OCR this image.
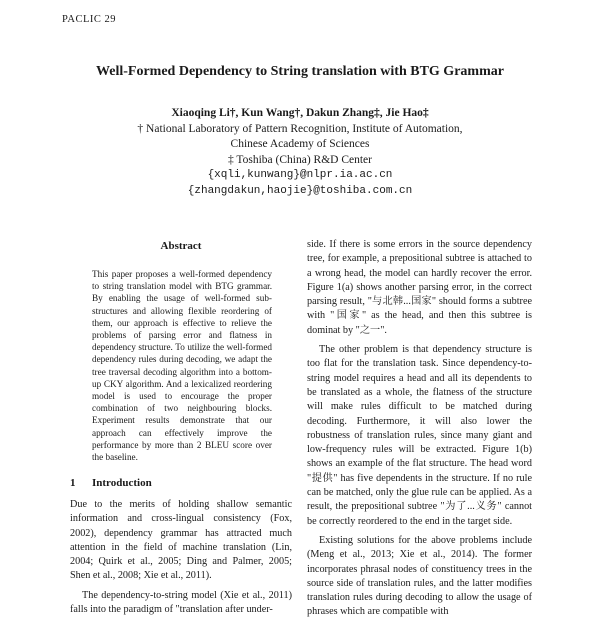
PACLIC 29
Well-Formed Dependency to String translation with BTG Grammar
Xiaoqing Li†, Kun Wang†, Dakun Zhang‡, Jie Hao‡
† National Laboratory of Pattern Recognition, Institute of Automation,
Chinese Academy of Sciences
‡ Toshiba (China) R&D Center
{xqli,kunwang}@nlpr.ia.ac.cn
{zhangdakun,haojie}@toshiba.com.cn
Abstract
This paper proposes a well-formed dependency to string translation model with BTG grammar. By enabling the usage of well-formed sub-structures and allowing flexible reordering of them, our approach is effective to relieve the problems of parsing error and flatness in dependency structure. To utilize the well-formed dependency rules during decoding, we adapt the tree traversal decoding algorithm into a bottom-up CKY algorithm. And a lexicalized reordering model is used to encourage the proper combination of two neighbouring blocks. Experiment results demonstrate that our approach can effectively improve the performance by more than 2 BLEU score over the baseline.
1 Introduction

Due to the merits of holding shallow semantic information and cross-lingual consistency (Fox, 2002), dependency grammar has attracted much attention in the field of machine translation (Lin, 2004; Quirk et al., 2005; Ding and Palmer, 2005; Shen et al., 2008; Xie et al., 2011).

The dependency-to-string model (Xie et al., 2011) falls into the paradigm of "translation after under-

side. If there is some errors in the source dependency tree, for example, a prepositional subtree is attached to a wrong head, the model can hardly recover the error. Figure 1(a) shows another parsing error, in the correct parsing result, "与北韩...国家" should forms a subtree with "国家" as the head, and then this subtree is dominat by "之一".

The other problem is that dependency structure is too flat for the translation task. Since dependency-to-string model requires a head and all its dependents to be translated as a whole, the flatness of the structure will make rules difficult to be matched during decoding. Furthermore, it will also lower the robustness of translation rules, since many giant and low-frequency rules will be extracted. Figure 1(b) shows an example of the flat structure. The head word "提供" has five dependents in the structure. If no rule can be matched, only the glue rule can be applied. As a result, the prepositional subtree "为了...义务" cannot be correctly reordered to the end in the target side.

Existing solutions for the above problems include (Meng et al., 2013; Xie et al., 2014). The former incorporates phrasal nodes of constituency trees in the source side of translation rules, and the latter modifies translation rules during decoding to allow the usage of phrases which are compatible with
